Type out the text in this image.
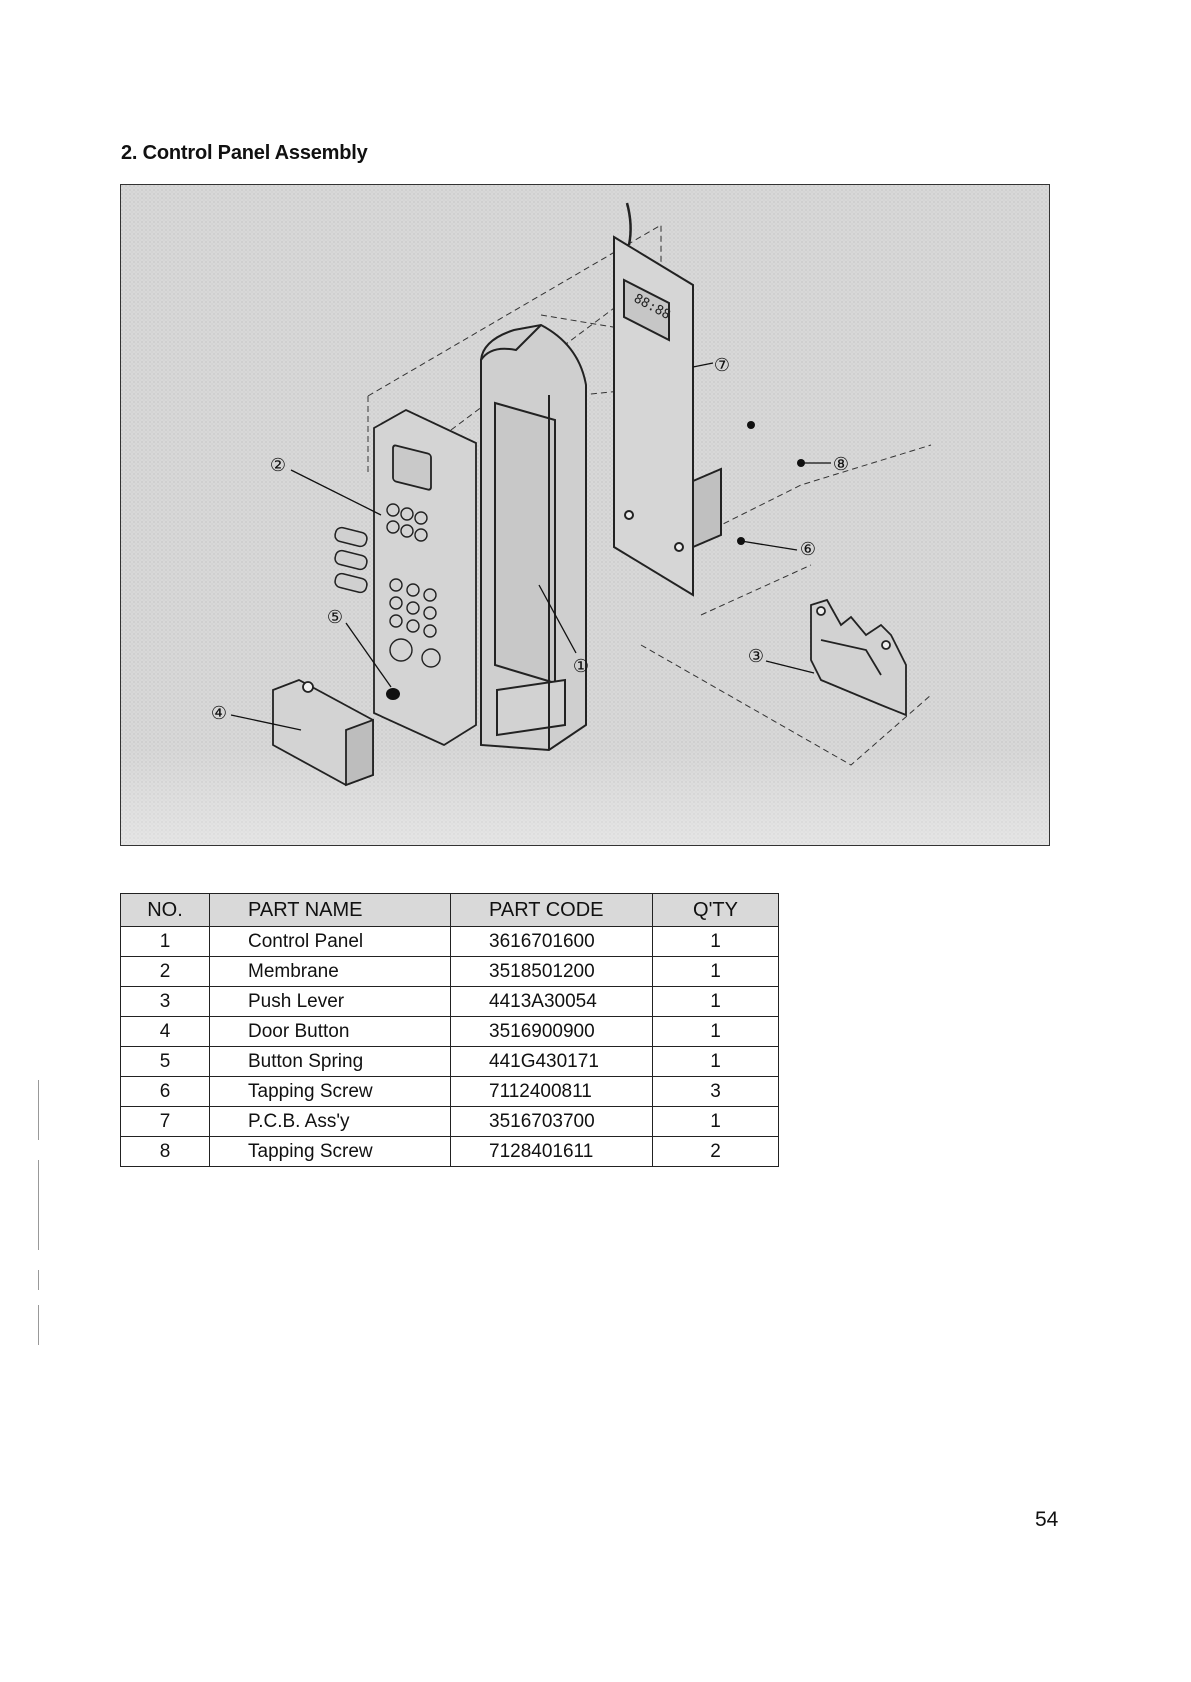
2. Control Panel Assembly
88:88
①
②
③
④
⑤
⑥
⑦
⑧
NO.	PART NAME	PART CODE	Q'TY
1	Control Panel	3616701600	1
2	Membrane	3518501200	1
3	Push Lever	4413A30054	1
4	Door Button	3516900900	1
5	Button Spring	441G430171	1
6	Tapping Screw	7112400811	3
7	P.C.B. Ass'y	3516703700	1
8	Tapping Screw	7128401611	2
54
